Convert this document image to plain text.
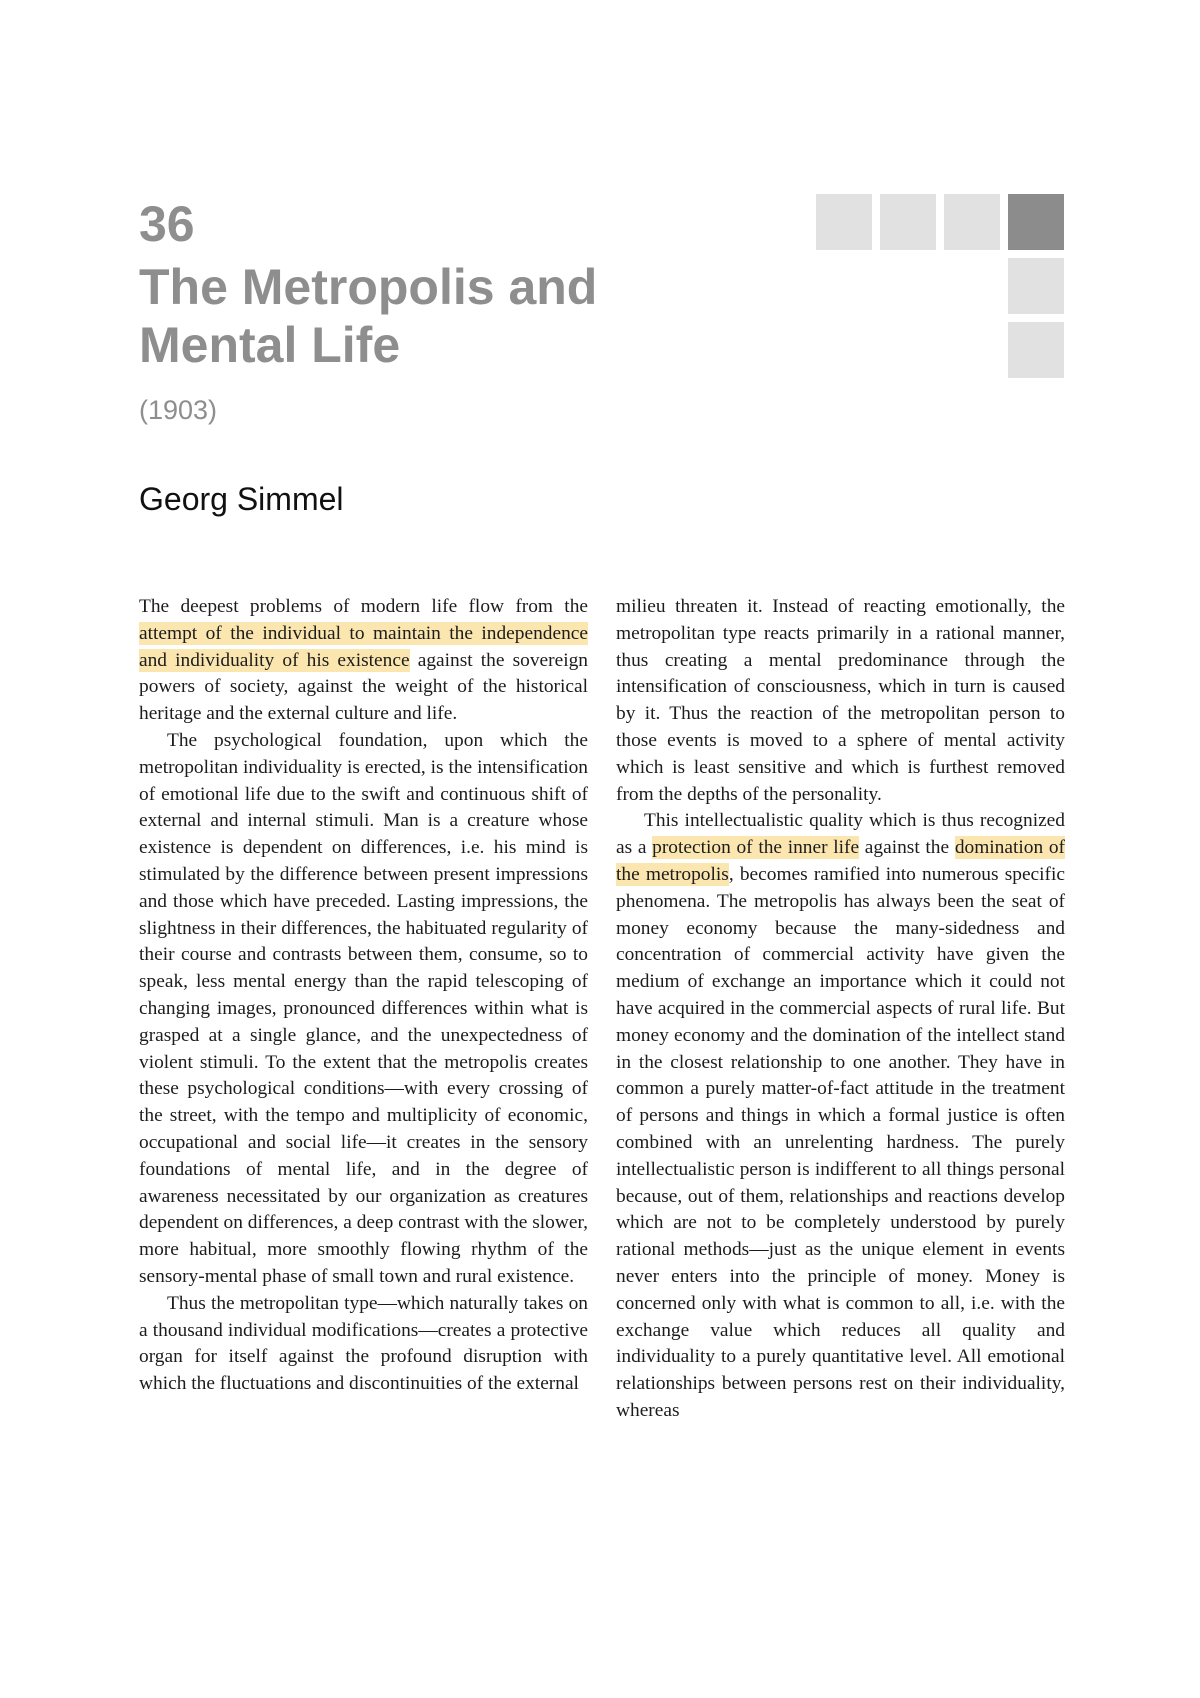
36
The Metropolis and Mental Life
(1903)
Georg Simmel

The deepest problems of modern life flow from the attempt of the individual to maintain the independence and individuality of his existence against the sovereign powers of society, against the weight of the historical heritage and the external culture and life.

The psychological foundation, upon which the metropolitan individuality is erected, is the intensification of emotional life due to the swift and continuous shift of external and internal stimuli. Man is a creature whose existence is dependent on differences, i.e. his mind is stimulated by the difference between present impressions and those which have preceded. Lasting impressions, the slightness in their differences, the habituated regularity of their course and contrasts between them, consume, so to speak, less mental energy than the rapid telescoping of changing images, pronounced differences within what is grasped at a single glance, and the unexpectedness of violent stimuli. To the extent that the metropolis creates these psychological conditions—with every crossing of the street, with the tempo and multiplicity of economic, occupational and social life—it creates in the sensory foundations of mental life, and in the degree of awareness necessitated by our organization as creatures dependent on differences, a deep contrast with the slower, more habitual, more smoothly flowing rhythm of the sensory-mental phase of small town and rural existence.

Thus the metropolitan type—which naturally takes on a thousand individual modifications—creates a protective organ for itself against the profound disruption with which the fluctuations and discontinuities of the external

milieu threaten it. Instead of reacting emotionally, the metropolitan type reacts primarily in a rational manner, thus creating a mental predominance through the intensification of consciousness, which in turn is caused by it. Thus the reaction of the metropolitan person to those events is moved to a sphere of mental activity which is least sensitive and which is furthest removed from the depths of the personality.

This intellectualistic quality which is thus recognized as a protection of the inner life against the domination of the metropolis, becomes ramified into numerous specific phenomena. The metropolis has always been the seat of money economy because the many-sidedness and concentration of commercial activity have given the medium of exchange an importance which it could not have acquired in the commercial aspects of rural life. But money economy and the domination of the intellect stand in the closest relationship to one another. They have in common a purely matter-of-fact attitude in the treatment of persons and things in which a formal justice is often combined with an unrelenting hardness. The purely intellectualistic person is indifferent to all things personal because, out of them, relationships and reactions develop which are not to be completely understood by purely rational methods—just as the unique element in events never enters into the principle of money. Money is concerned only with what is common to all, i.e. with the exchange value which reduces all quality and individuality to a purely quantitative level. All emotional relationships between persons rest on their individuality, whereas
